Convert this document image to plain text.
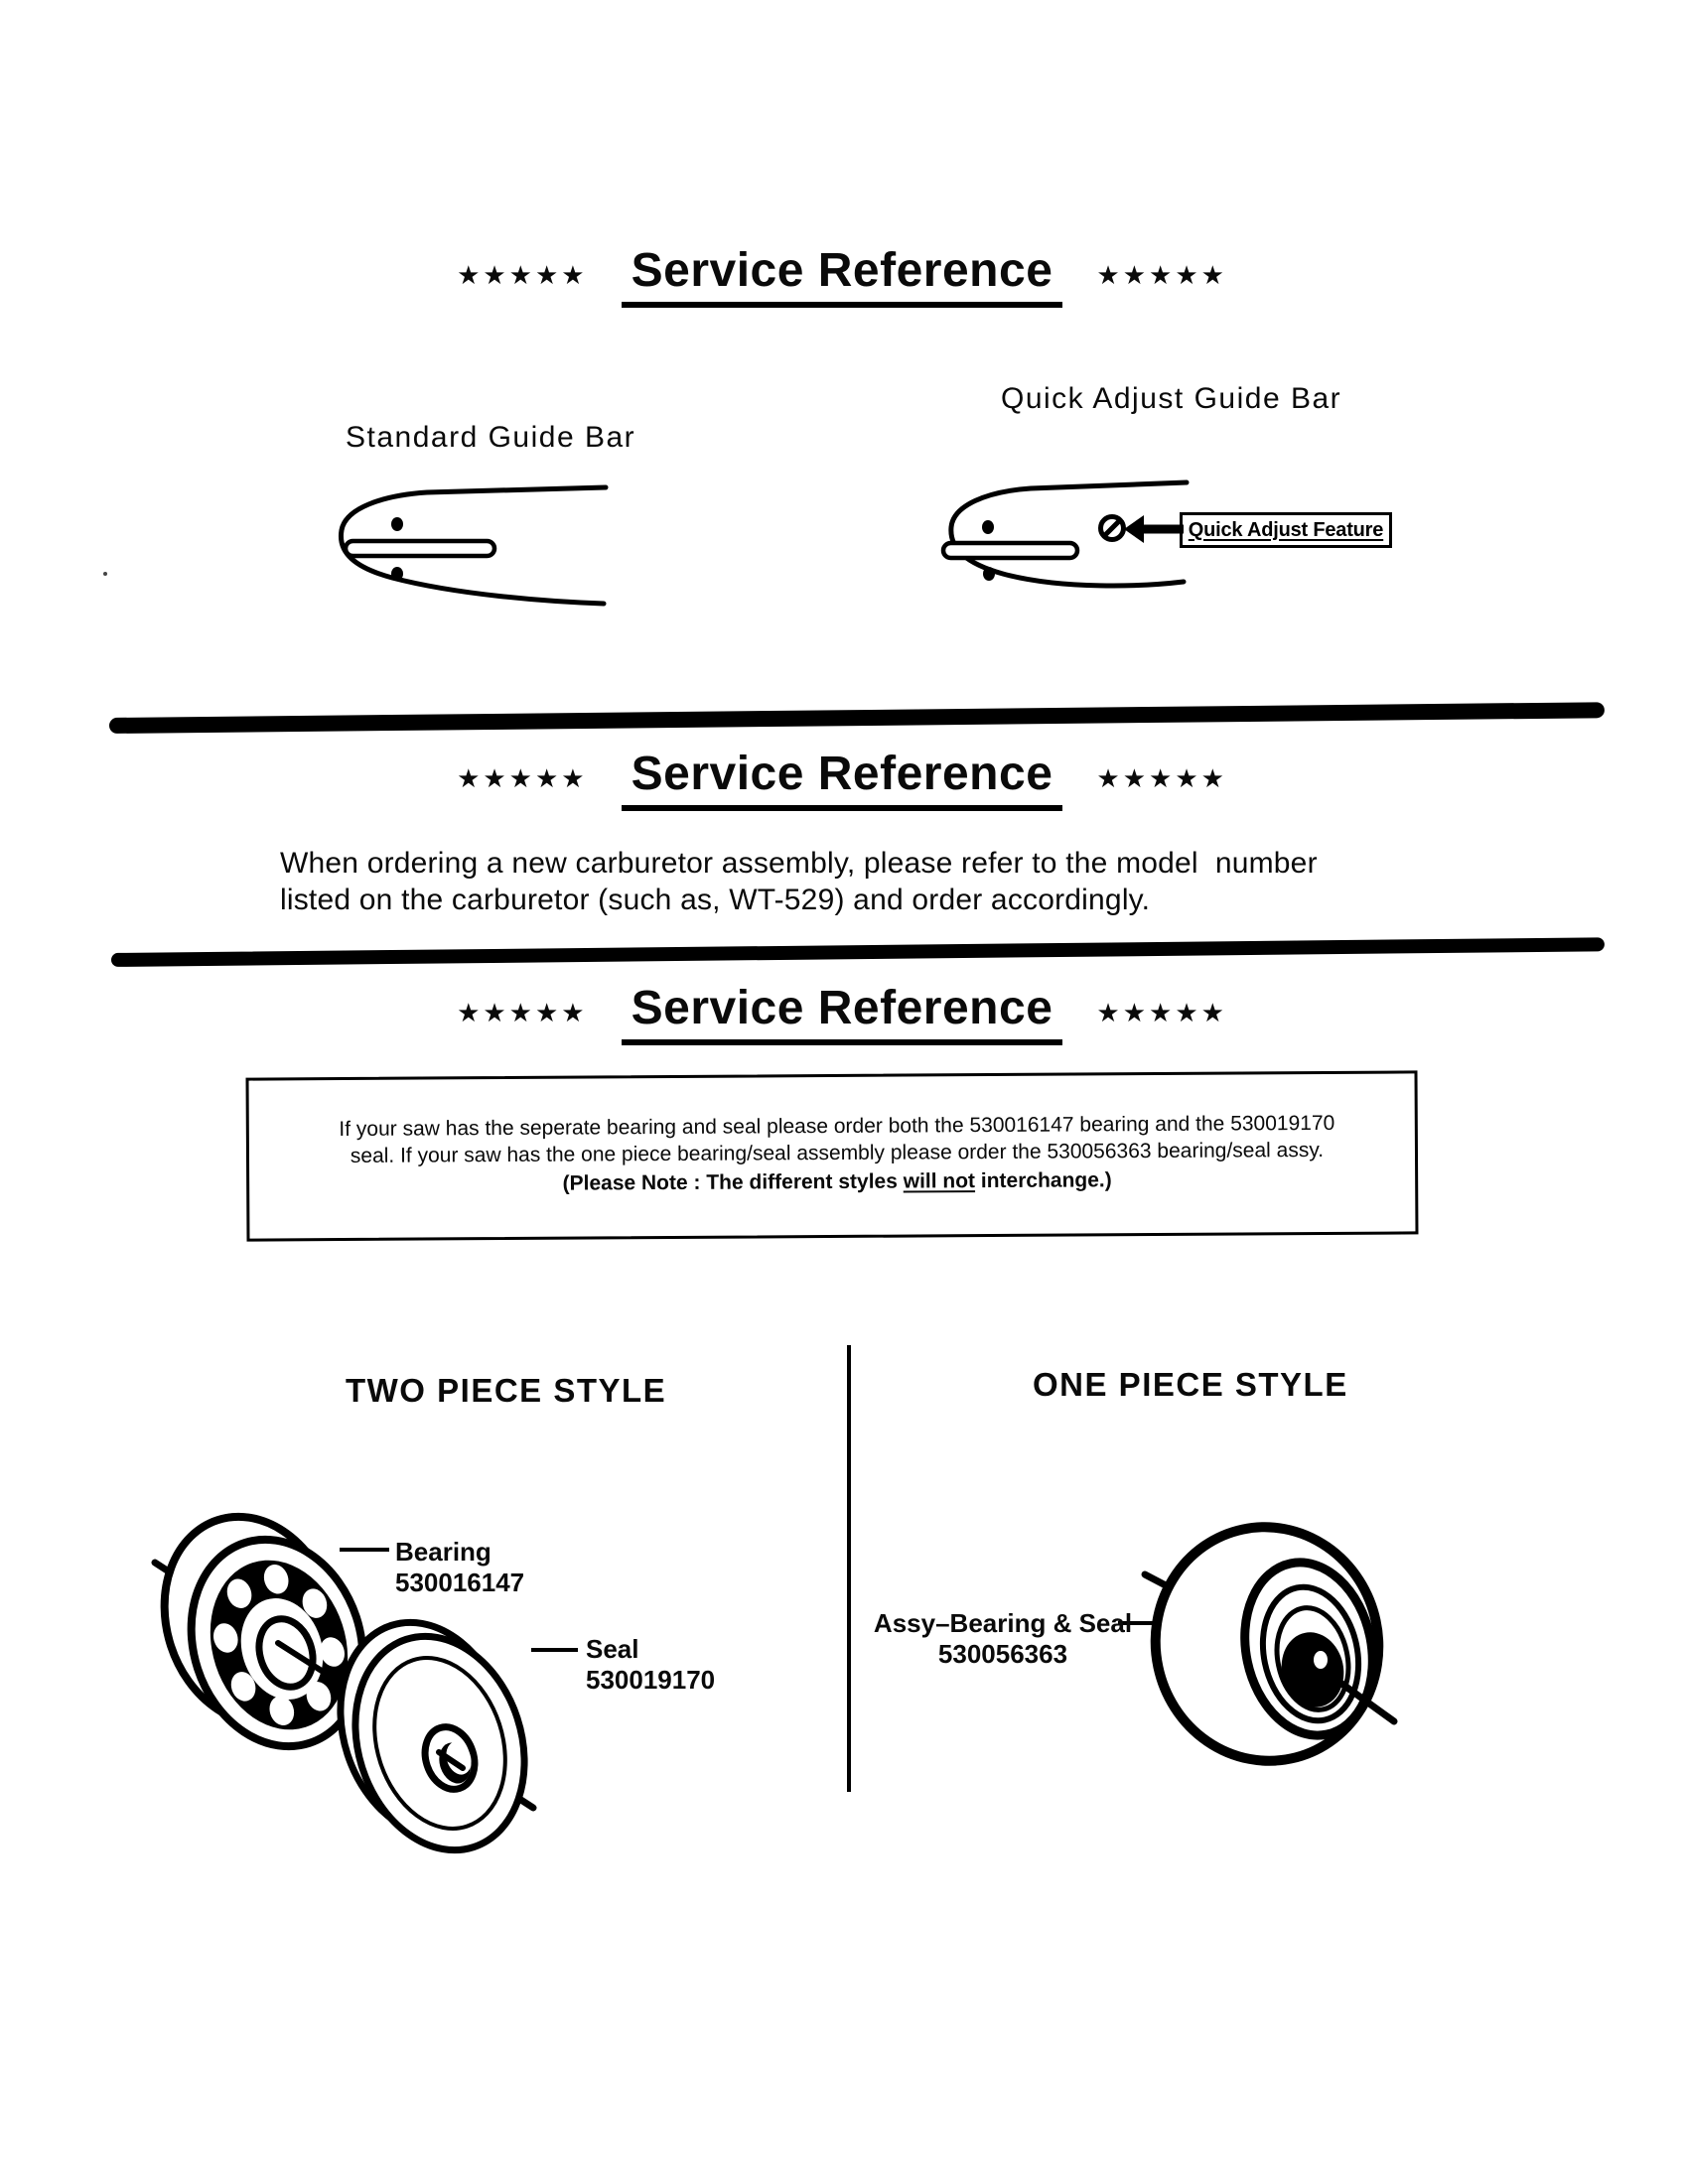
★★★★★ Service Reference	★★★★★
Quick Adjust Guide Bar
Standard Guide Bar
Quick Adjust Feature
★★★★★ Service Reference	★★★★★
When ordering a new carburetor assembly, please refer to the model  number
listed on the carburetor (such as, WT-529) and order accordingly.
★★★★★ Service Reference	★★★★★
If your saw has the seperate bearing and seal please order both the 530016147 bearing and the 530019170
seal. If your saw has the one piece bearing/seal assembly please order the 530056363 bearing/seal assy.
(Please Note : The different styles will not interchange.)
TWO PIECE STYLE	ONE PIECE STYLE
Bearing
530016147
Seal
530019170
Assy–Bearing & Seal
530056363
